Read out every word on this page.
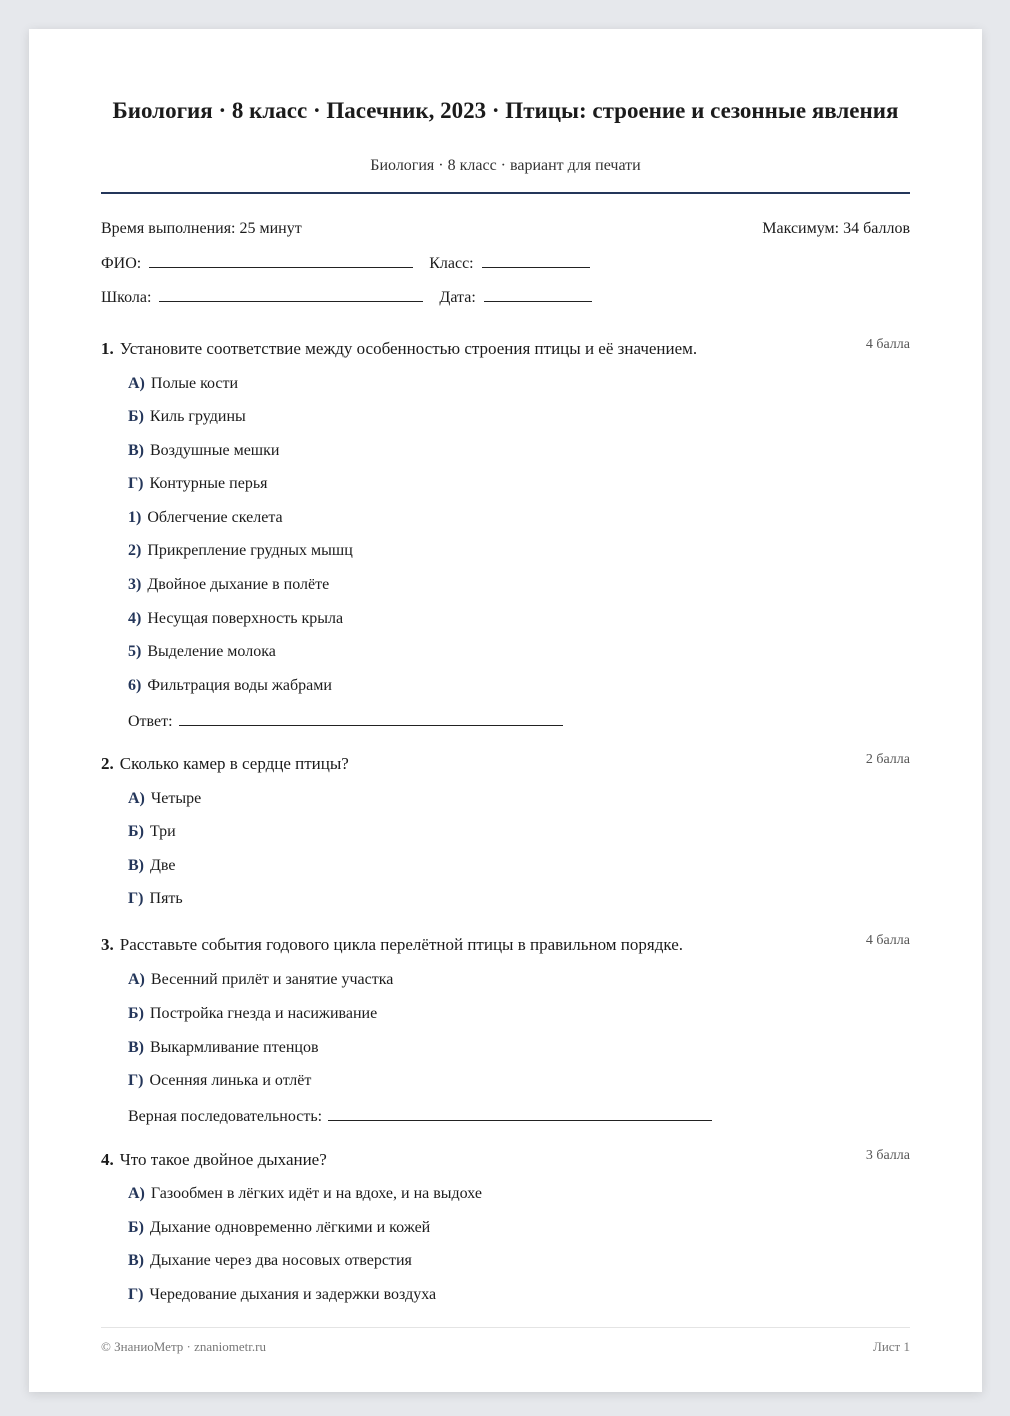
Биология · 8 класс · Пасечник, 2023 · Птицы: строение и сезонные явления
Биология · 8 класс · вариант для печати
Время выполнения: 25 минут	Максимум: 34 баллов
ФИО:	Класс:
Школа:	Дата:
1. Установите соответствие между особенностью строения птицы и её значением.	4 балла
А) Полые кости
Б) Киль грудины
В) Воздушные мешки
Г) Контурные перья
1) Облегчение скелета
2) Прикрепление грудных мышц
3) Двойное дыхание в полёте
4) Несущая поверхность крыла
5) Выделение молока
6) Фильтрация воды жабрами
Ответ:
2. Сколько камер в сердце птицы?	2 балла
А) Четыре
Б) Три
В) Две
Г) Пять
3. Расставьте события годового цикла перелётной птицы в правильном порядке.	4 балла
А) Весенний прилёт и занятие участка
Б) Постройка гнезда и насиживание
В) Выкармливание птенцов
Г) Осенняя линька и отлёт
Верная последовательность:
4. Что такое двойное дыхание?	3 балла
А) Газообмен в лёгких идёт и на вдохе, и на выдохе
Б) Дыхание одновременно лёгкими и кожей
В) Дыхание через два носовых отверстия
Г) Чередование дыхания и задержки воздуха
© ЗнаниоМетр · znaniometr.ru	Лист 1
